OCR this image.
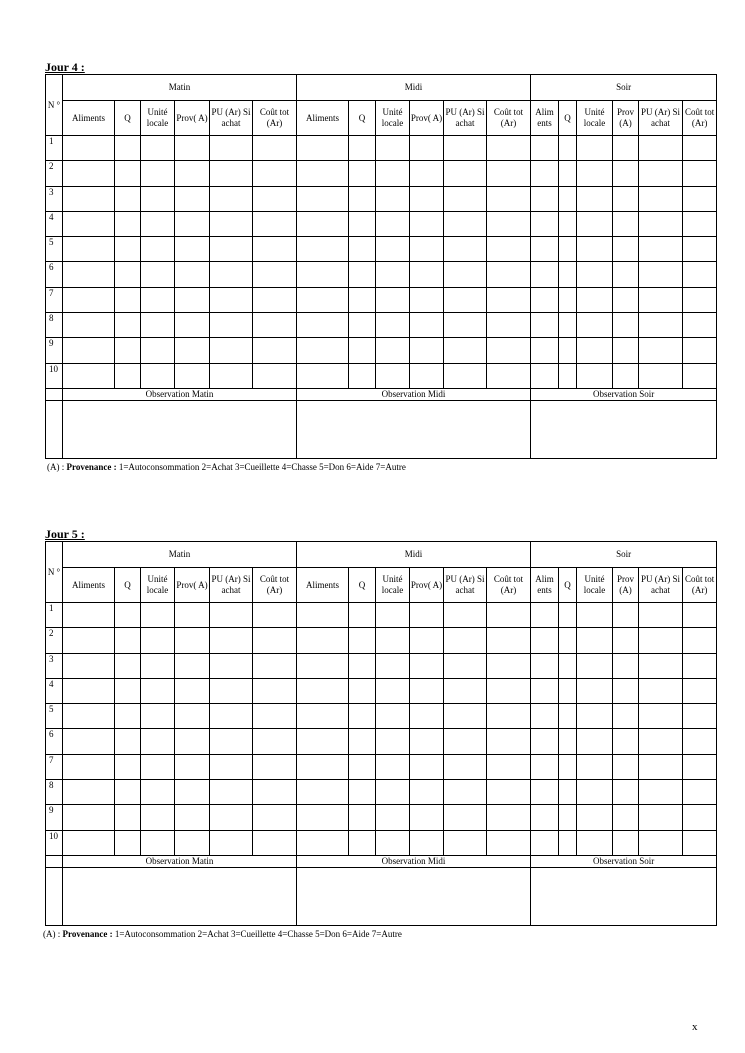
Jour 4 :
N °	Matin						Midi						Soir					
	Aliments	Q	Unité locale	Prov( A)	PU (Ar) Si achat	Coût tot (Ar)	Aliments	Q	Unité locale	Prov( A)	PU (Ar) Si achat	Coût tot (Ar)	Alim ents	Q	Unité locale	Prov (A)	PU (Ar) Si achat	Coût tot (Ar)
1																		
2																		
3																		
4																		
5																		
6																		
7																		
8																		
9																		
10																		
	Observation Matin						Observation Midi						Observation Soir					

(A) : Provenance : 1=Autoconsommation 2=Achat 3=Cueillette 4=Chasse 5=Don 6=Aide 7=Autre
Jour 5 :
N °	Matin						Midi						Soir					
	Aliments	Q	Unité locale	Prov( A)	PU (Ar) Si achat	Coût tot (Ar)	Aliments	Q	Unité locale	Prov( A)	PU (Ar) Si achat	Coût tot (Ar)	Alim ents	Q	Unité locale	Prov (A)	PU (Ar) Si achat	Coût tot (Ar)
1																		
2																		
3																		
4																		
5																		
6																		
7																		
8																		
9																		
10																		
	Observation Matin						Observation Midi						Observation Soir					

(A) : Provenance : 1=Autoconsommation 2=Achat 3=Cueillette 4=Chasse 5=Don 6=Aide 7=Autre
x
